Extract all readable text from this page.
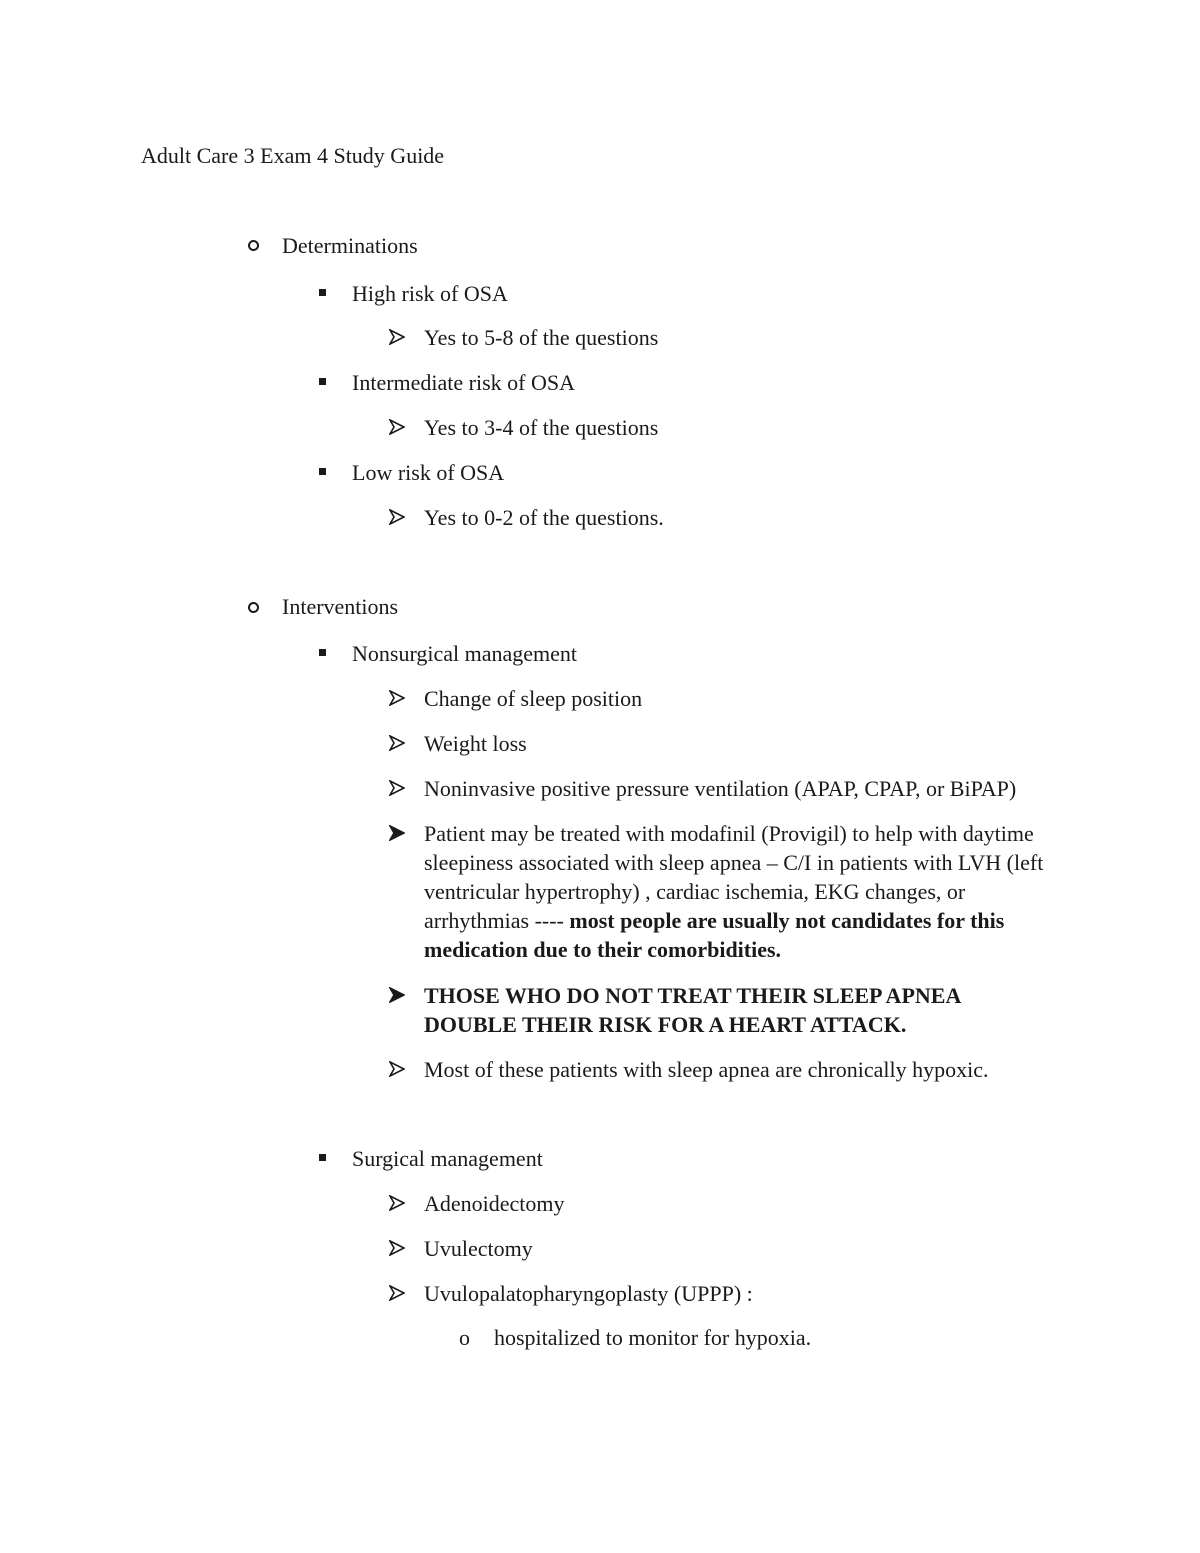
Adult Care 3 Exam 4 Study Guide
Determinations
High risk of OSA
Yes to 5-8 of the questions
Intermediate risk of OSA
Yes to 3-4 of the questions
Low risk of OSA
Yes to 0-2 of the questions.
Interventions
Nonsurgical management
Change of sleep position
Weight loss
Noninvasive positive pressure ventilation (APAP, CPAP, or BiPAP)
Patient may be treated with modafinil (Provigil) to help with daytime sleepiness associated with sleep apnea – C/I in patients with LVH (left ventricular hypertrophy) , cardiac ischemia, EKG changes, or arrhythmias ---- most people are usually not candidates for this medication due to their comorbidities.
THOSE WHO DO NOT TREAT THEIR SLEEP APNEA DOUBLE THEIR RISK FOR A HEART ATTACK.
Most of these patients with sleep apnea are chronically hypoxic.
Surgical management
Adenoidectomy
Uvulectomy
Uvulopalatopharyngoplasty (UPPP) :
o hospitalized to monitor for hypoxia.
